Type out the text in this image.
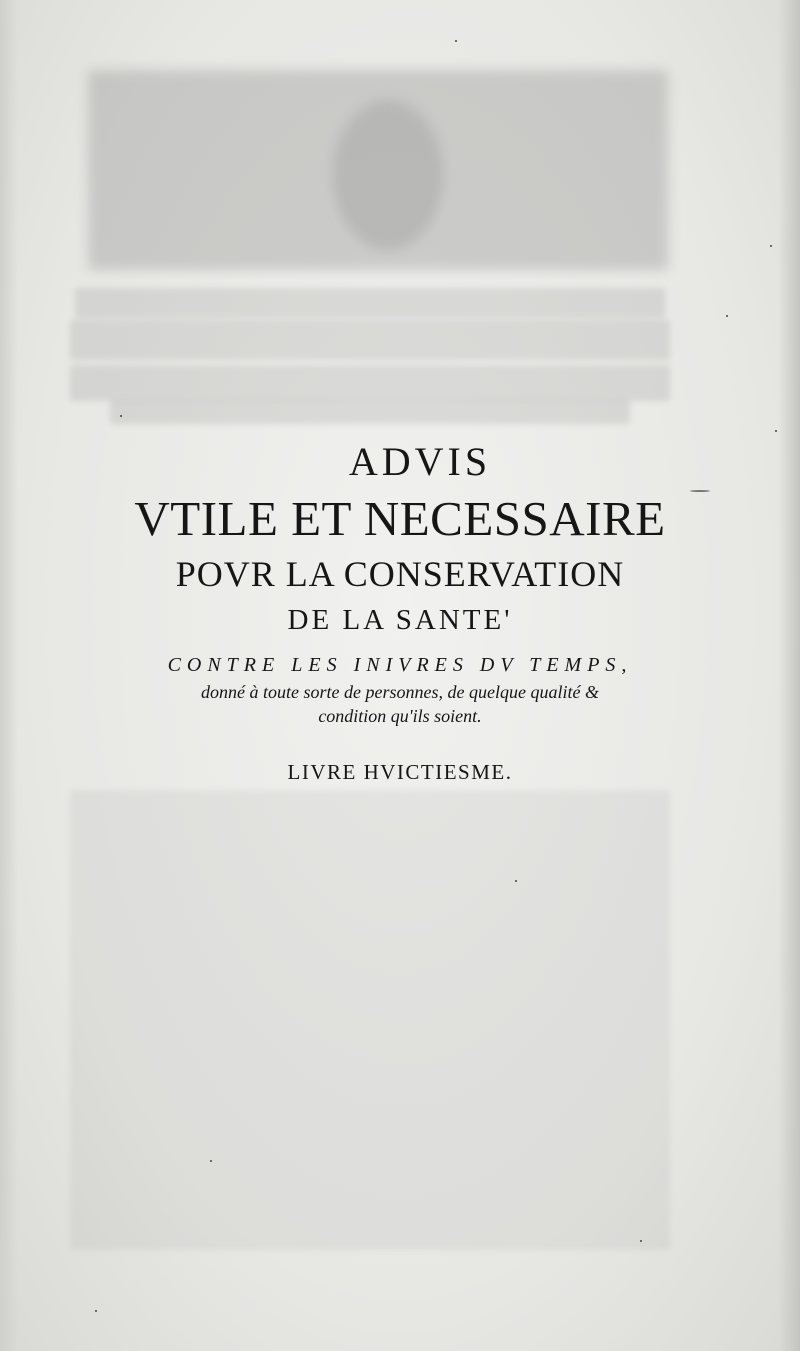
ADVIS
VTILE ET NECESSAIRE
POVR LA CONSERVATION
DE LA SANTE'
CONTRE LES INIVRES DV TEMPS,
donné à toute sorte de personnes, de quelque qualité &
condition qu'ils soient.
LIVRE HVICTIESME.
